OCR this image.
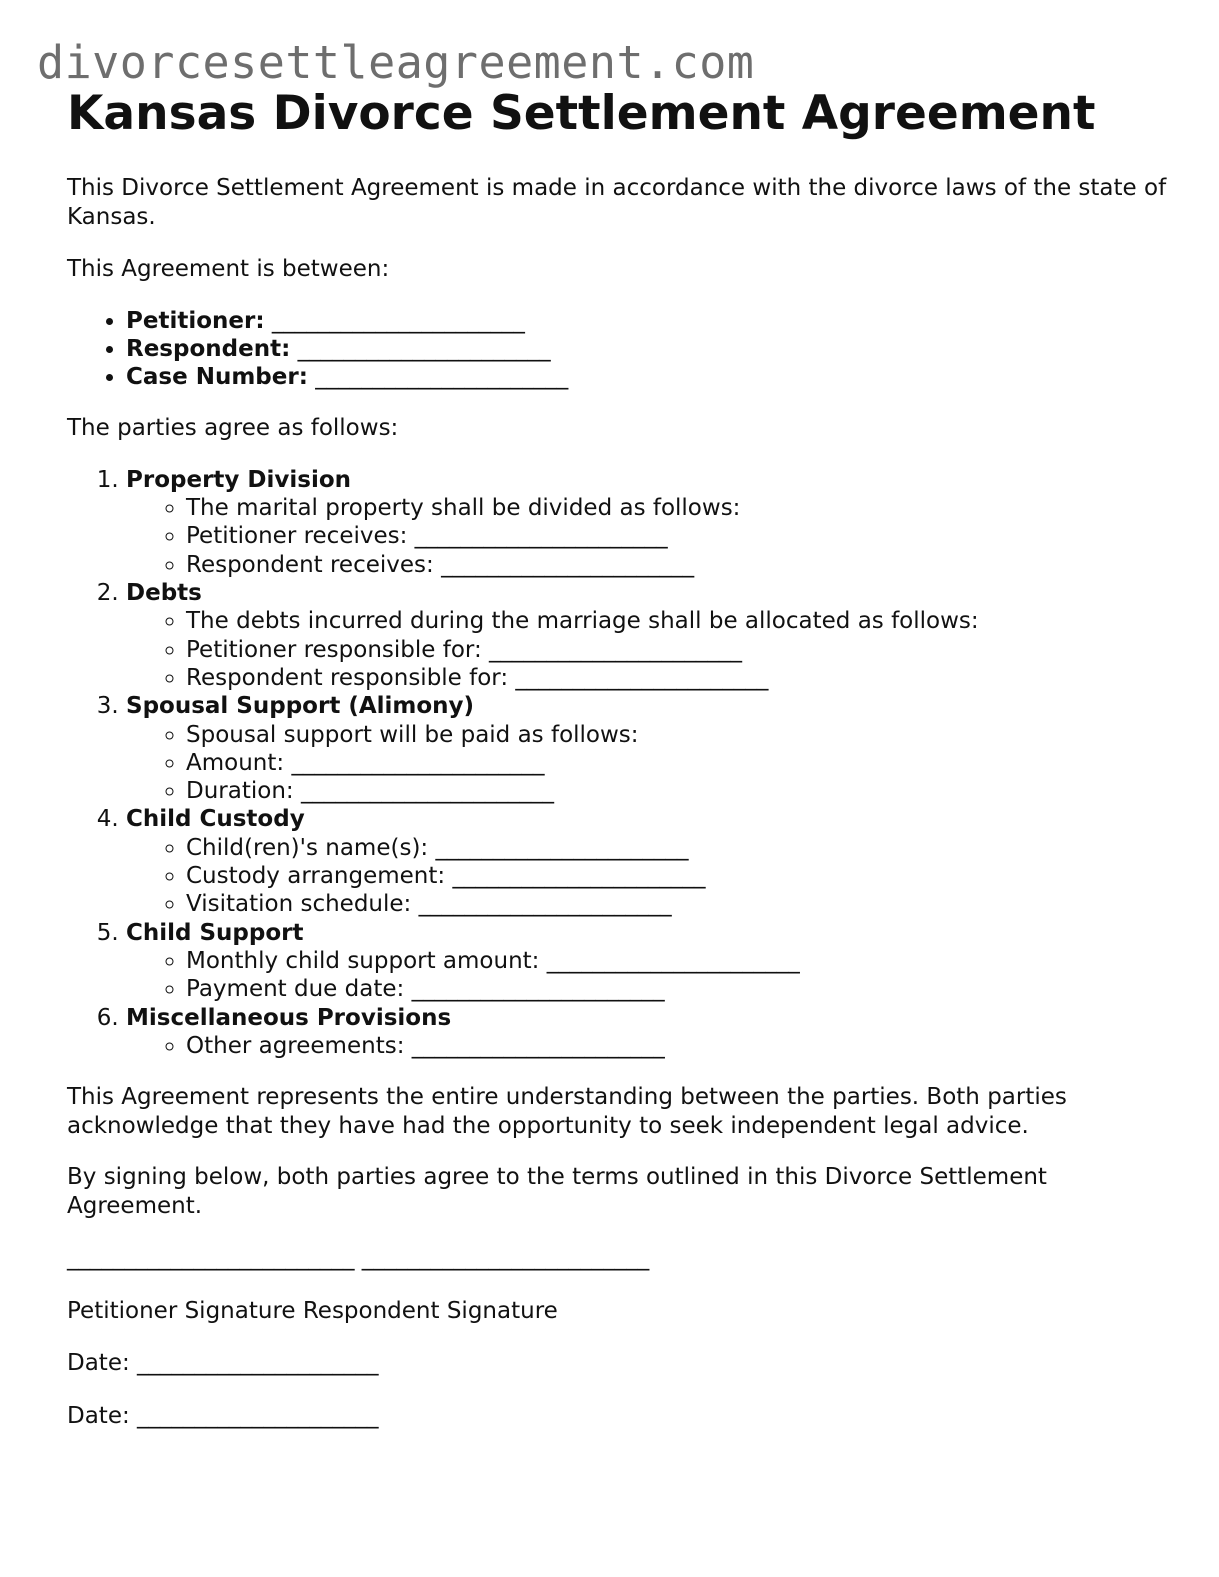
divorcesettleagreement.com
Kansas Divorce Settlement Agreement

This Divorce Settlement Agreement is made in accordance with the divorce laws of the state of Kansas.

This Agreement is between:

• Petitioner: ______________________
• Respondent: ______________________
• Case Number: ______________________

The parties agree as follows:

1. Property Division
◦ The marital property shall be divided as follows:
◦ Petitioner receives: ______________________
◦ Respondent receives: ______________________
2. Debts
◦ The debts incurred during the marriage shall be allocated as follows:
◦ Petitioner responsible for: ______________________
◦ Respondent responsible for: ______________________
3. Spousal Support (Alimony)
◦ Spousal support will be paid as follows:
◦ Amount: ______________________
◦ Duration: ______________________
4. Child Custody
◦ Child(ren)'s name(s): ______________________
◦ Custody arrangement: ______________________
◦ Visitation schedule: ______________________
5. Child Support
◦ Monthly child support amount: ______________________
◦ Payment due date: ______________________
6. Miscellaneous Provisions
◦ Other agreements: ______________________

This Agreement represents the entire understanding between the parties. Both parties acknowledge that they have had the opportunity to seek independent legal advice.

By signing below, both parties agree to the terms outlined in this Divorce Settlement Agreement.

_________________________ _________________________

Petitioner Signature Respondent Signature

Date: _____________________

Date: _____________________
